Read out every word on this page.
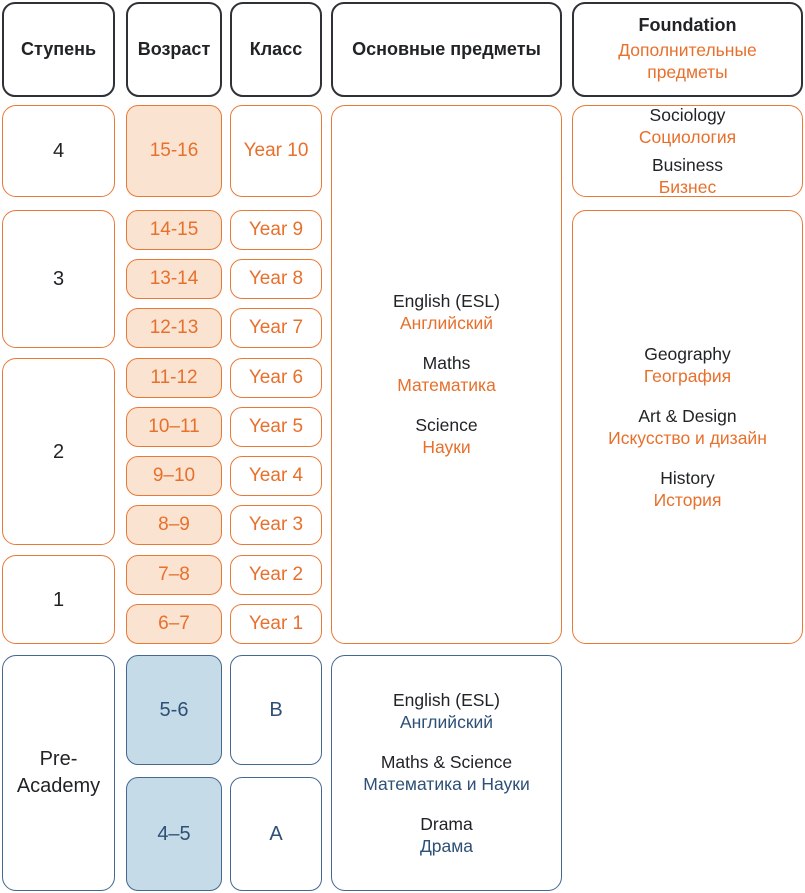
Ступень Возраст Класс	Основные предметы
Foundation
Дополнительные предметы
4
3
2
1
Pre-Academy
15-16
14-15
13-14
12-13
11-12
10–11
9–10
8–9
7–8
6–7
5-6
4–5
Year 10
Year 9
Year 8
Year 7
Year 6
Year 5
Year 4
Year 3
Year 2
Year 1
B
A
English (ESL)
Английский
Maths
Математика
Science
Науки
Sociology
Социология
Business
Бизнес
Geography
География
Art & Design
Искусство и дизайн
History
История
English (ESL)
Английский
Maths & Science
Математика и Науки
Drama
Драма
